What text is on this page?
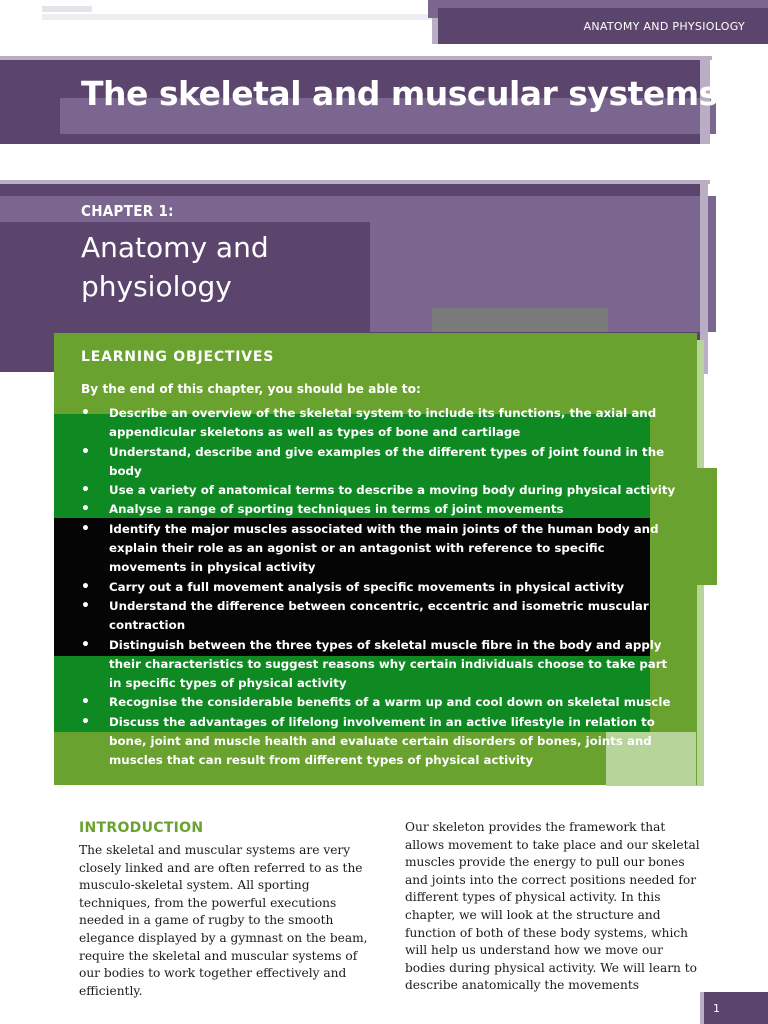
ANATOMY AND PHYSIOLOGY
The skeletal and muscular systems
CHAPTER 1:
Anatomy and physiology
LEARNING OBJECTIVES
By the end of this chapter, you should be able to:
• Describe an overview of the skeletal system to include its functions, the axial and appendicular skeletons as well as types of bone and cartilage
• Understand, describe and give examples of the different types of joint found in the body
• Use a variety of anatomical terms to describe a moving body during physical activity
• Analyse a range of sporting techniques in terms of joint movements
• Identify the major muscles associated with the main joints of the human body and explain their role as an agonist or an antagonist with reference to specific movements in physical activity
• Carry out a full movement analysis of specific movements in physical activity
• Understand the difference between concentric, eccentric and isometric muscular contraction
• Distinguish between the three types of skeletal muscle fibre in the body and apply their characteristics to suggest reasons why certain individuals choose to take part in specific types of physical activity
• Recognise the considerable benefits of a warm up and cool down on skeletal muscle
• Discuss the advantages of lifelong involvement in an active lifestyle in relation to bone, joint and muscle health and evaluate certain disorders of bones, joints and muscles that can result from different types of physical activity
INTRODUCTION
The skeletal and muscular systems are very closely linked and are often referred to as the musculo-skeletal system. All sporting techniques, from the powerful executions needed in a game of rugby to the smooth elegance displayed by a gymnast on the beam, require the skeletal and muscular systems of our bodies to work together effectively and efficiently.
Our skeleton provides the framework that allows movement to take place and our skeletal muscles provide the energy to pull our bones and joints into the correct positions needed for different types of physical activity. In this chapter, we will look at the structure and function of both of these body systems, which will help us understand how we move our bodies during physical activity. We will learn to describe anatomically the movements
1
